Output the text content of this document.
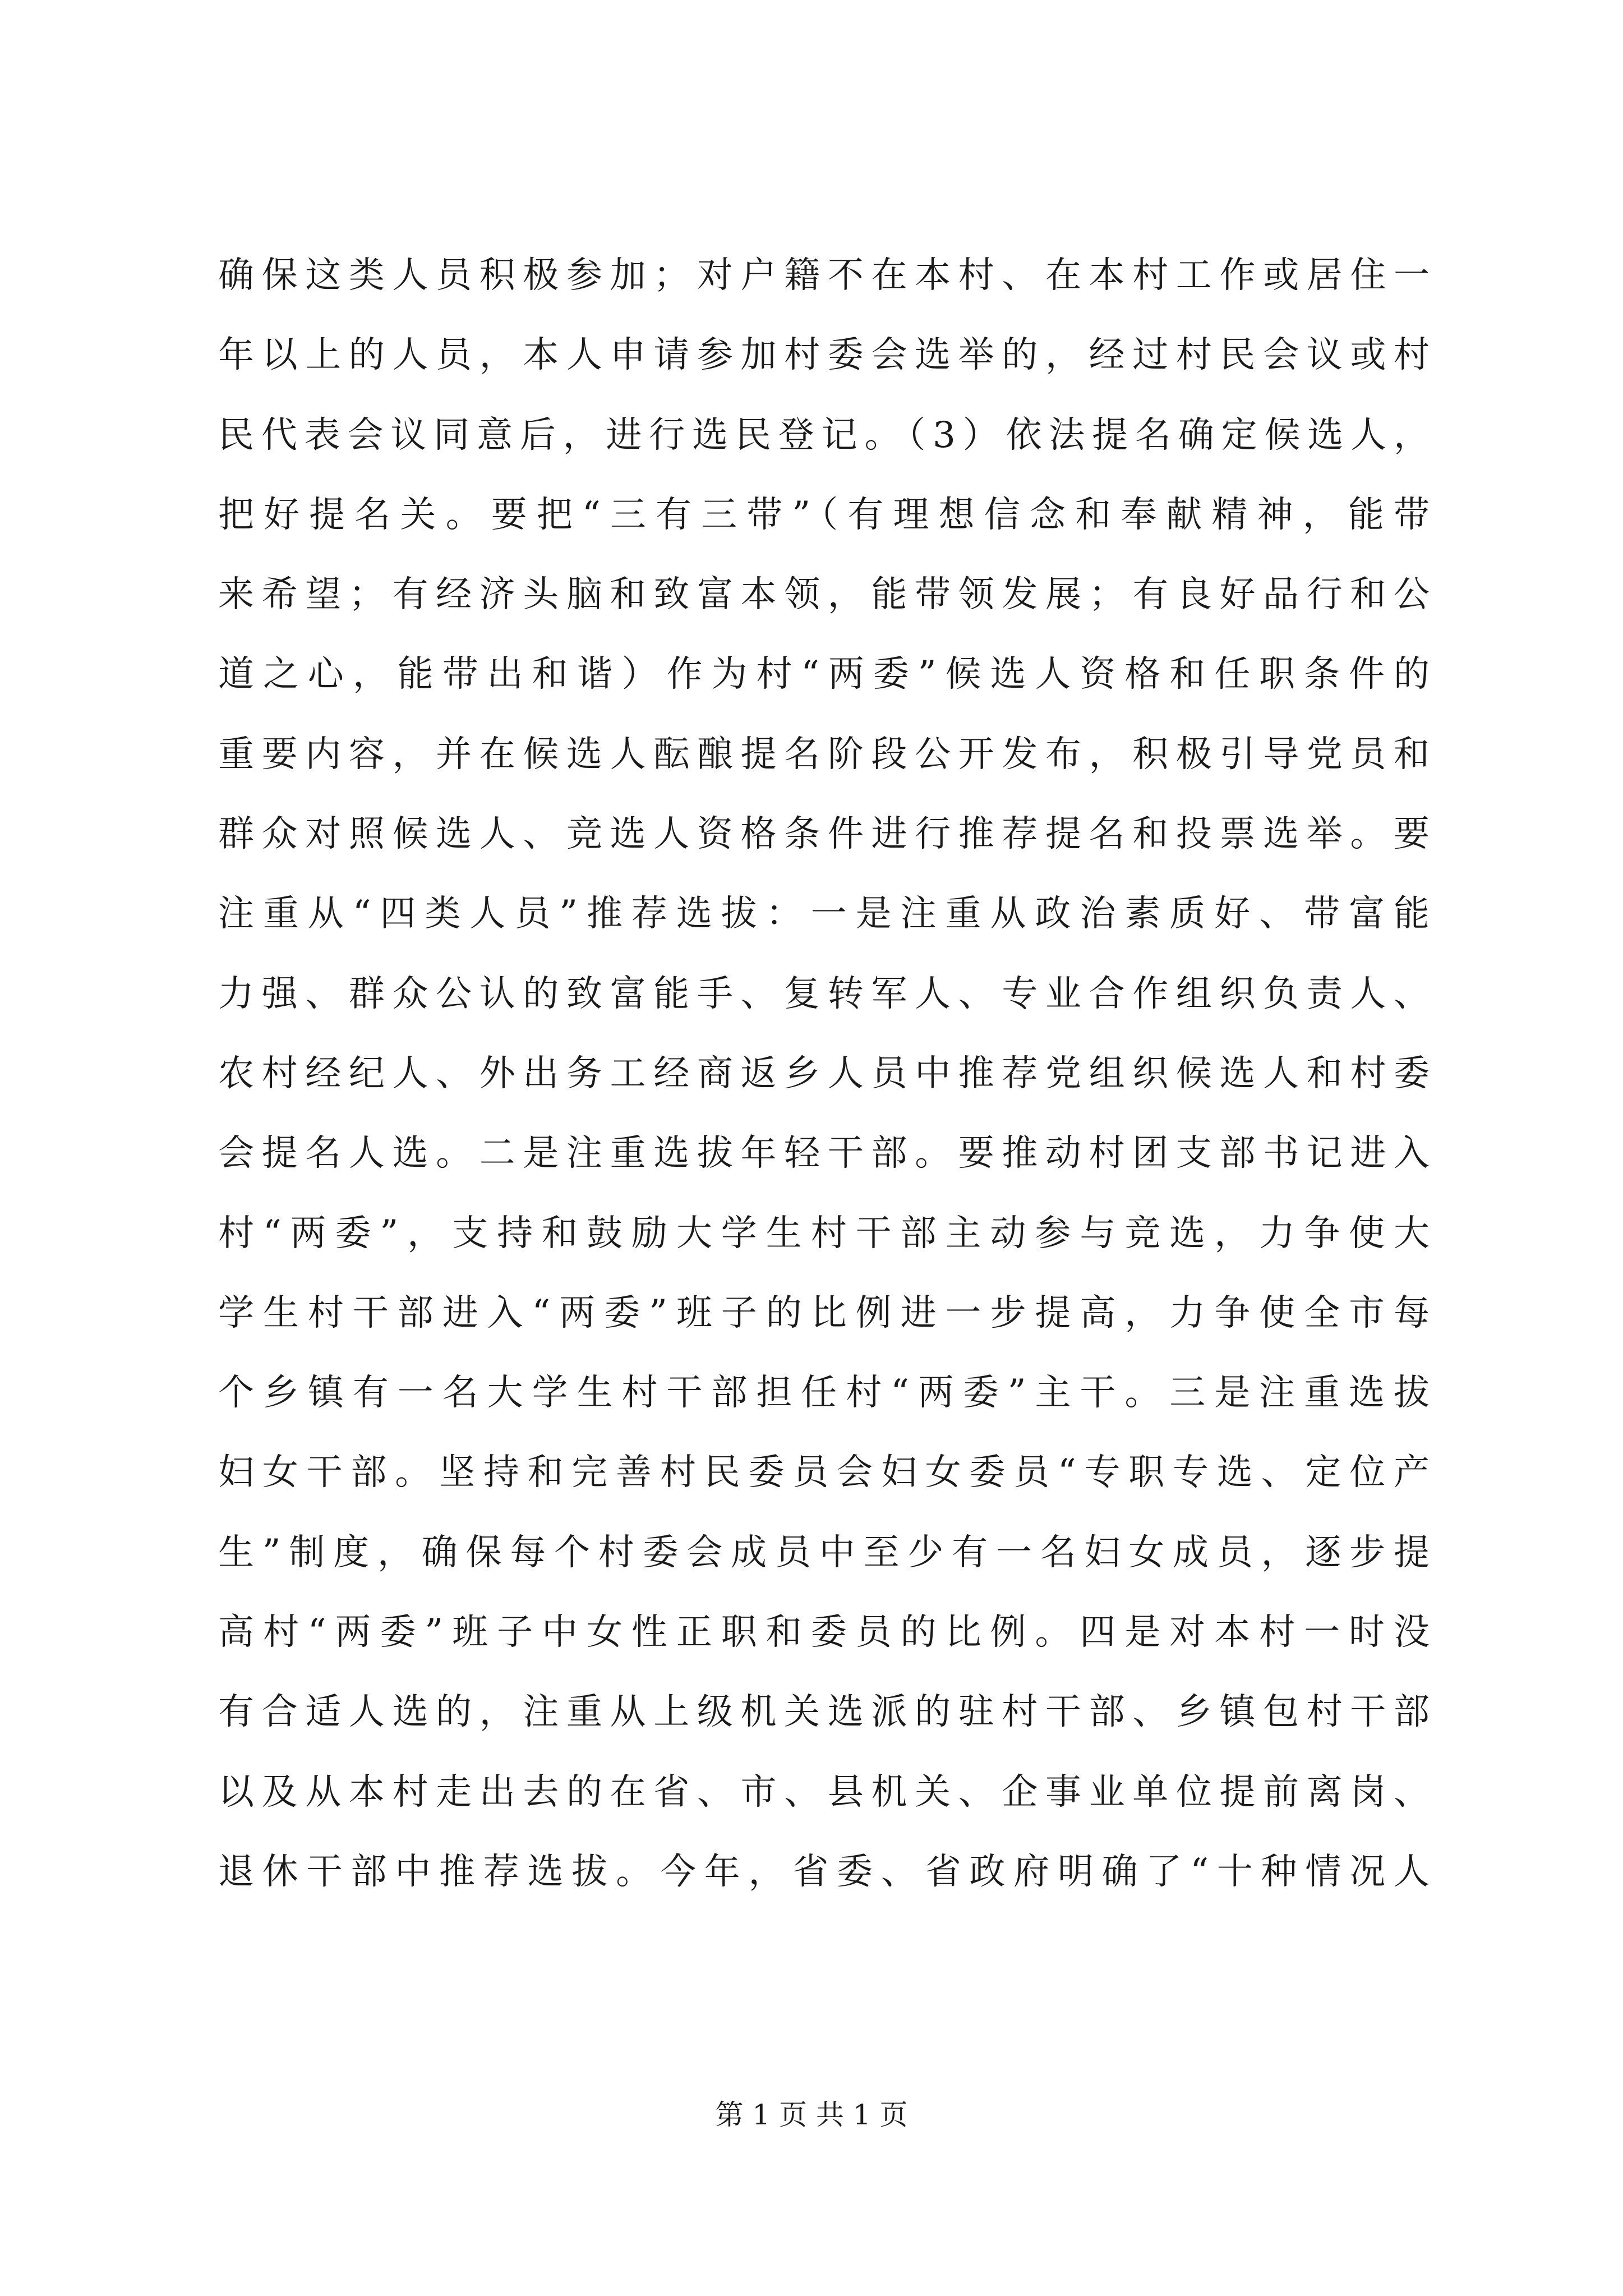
确保这类人员积极参加；对户籍不在本村、在本村工作或居住一
年以上的人员，本人申请参加村委会选举的，经过村民会议或村
民代表会议同意后，进行选民登记。（3）依法提名确定候选人，
把好提名关。要把“三有三带”（有理想信念和奉献精神，能带
来希望；有经济头脑和致富本领，能带领发展；有良好品行和公
道之心，能带出和谐）作为村“两委”候选人资格和任职条件的
重要内容，并在候选人酝酿提名阶段公开发布，积极引导党员和
群众对照候选人、竞选人资格条件进行推荐提名和投票选举。要
注重从“四类人员”推荐选拔：一是注重从政治素质好、带富能
力强、群众公认的致富能手、复转军人、专业合作组织负责人、
农村经纪人、外出务工经商返乡人员中推荐党组织候选人和村委
会提名人选。二是注重选拔年轻干部。要推动村团支部书记进入
村“两委”，支持和鼓励大学生村干部主动参与竞选，力争使大
学生村干部进入“两委”班子的比例进一步提高，力争使全市每
个乡镇有一名大学生村干部担任村“两委”主干。三是注重选拔
妇女干部。坚持和完善村民委员会妇女委员“专职专选、定位产
生”制度，确保每个村委会成员中至少有一名妇女成员，逐步提
高村“两委”班子中女性正职和委员的比例。四是对本村一时没
有合适人选的，注重从上级机关选派的驻村干部、乡镇包村干部
以及从本村走出去的在省、市、县机关、企事业单位提前离岗、
退休干部中推荐选拔。今年，省委、省政府明确了“十种情况人
第 1 页 共 1 页
